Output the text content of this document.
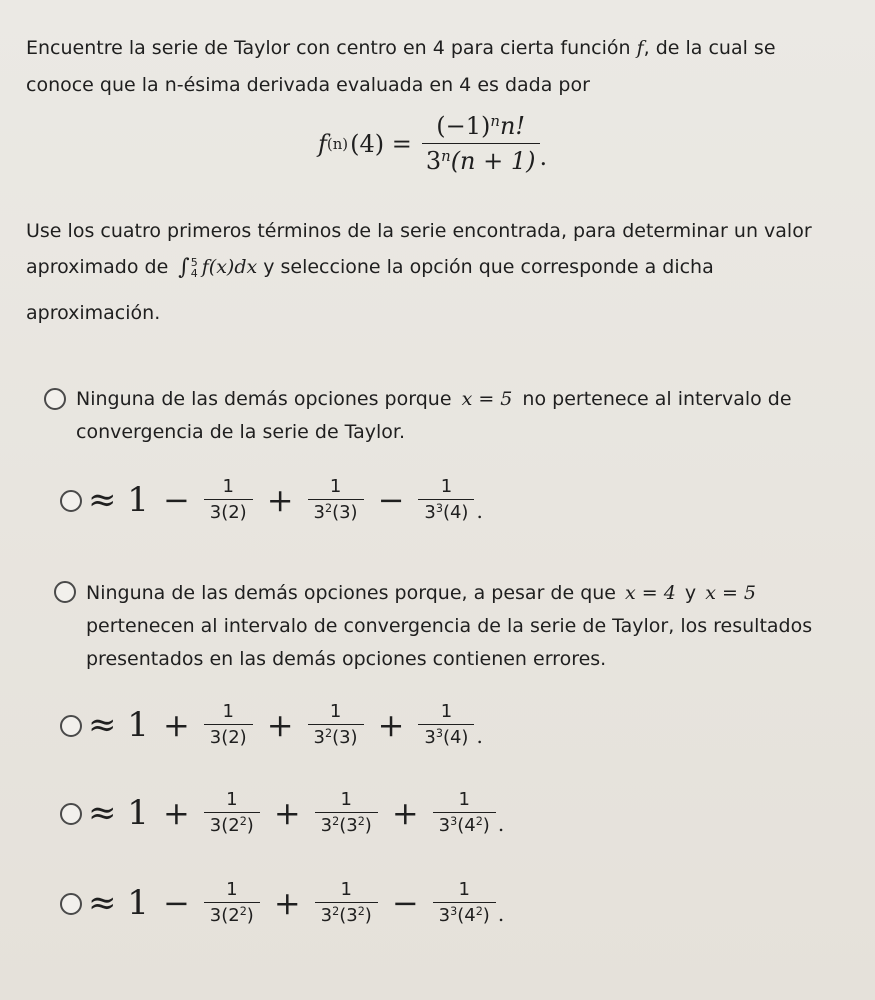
Encuentre la serie de Taylor con centro en 4 para cierta función f, de la cual se
conoce que la n-ésima derivada evaluada en 4 es dada por
f (n) $(4) = \frac{(-1)^nn!}{3^n(n + 1)}$ .
Use los cuatro primeros términos de la serie encontrada, para determinar un valor
aproximado de ∫ 5
4 f(x)dx y seleccione la opción que corresponde a dicha
aproximación.
Ninguna de las demás opciones porque x = 5 no pertenece al intervalo de
convergencia de la serie de Taylor.
≈ $1 - \frac{1}{3(2)} + \frac{1}{3^2(3)} - \frac{1}{3^3(4)}$ .
Ninguna de las demás opciones porque, a pesar de que x = 4 y x = 5
pertenecen al intervalo de convergencia de la serie de Taylor, los resultados
presentados en las demás opciones contienen errores.
≈ $1 + \frac{1}{3(2)} + \frac{1}{3^2(3)} + \frac{1}{3^3(4)}$ .
≈ $1 + \frac{1}{3(2^2)} + \frac{1}{3^2(3^2)} + \frac{1}{3^3(4^2)}$ .
≈ $1 - \frac{1}{3(2^2)} + \frac{1}{3^2(3^2)} - \frac{1}{3^3(4^2)}$ .
